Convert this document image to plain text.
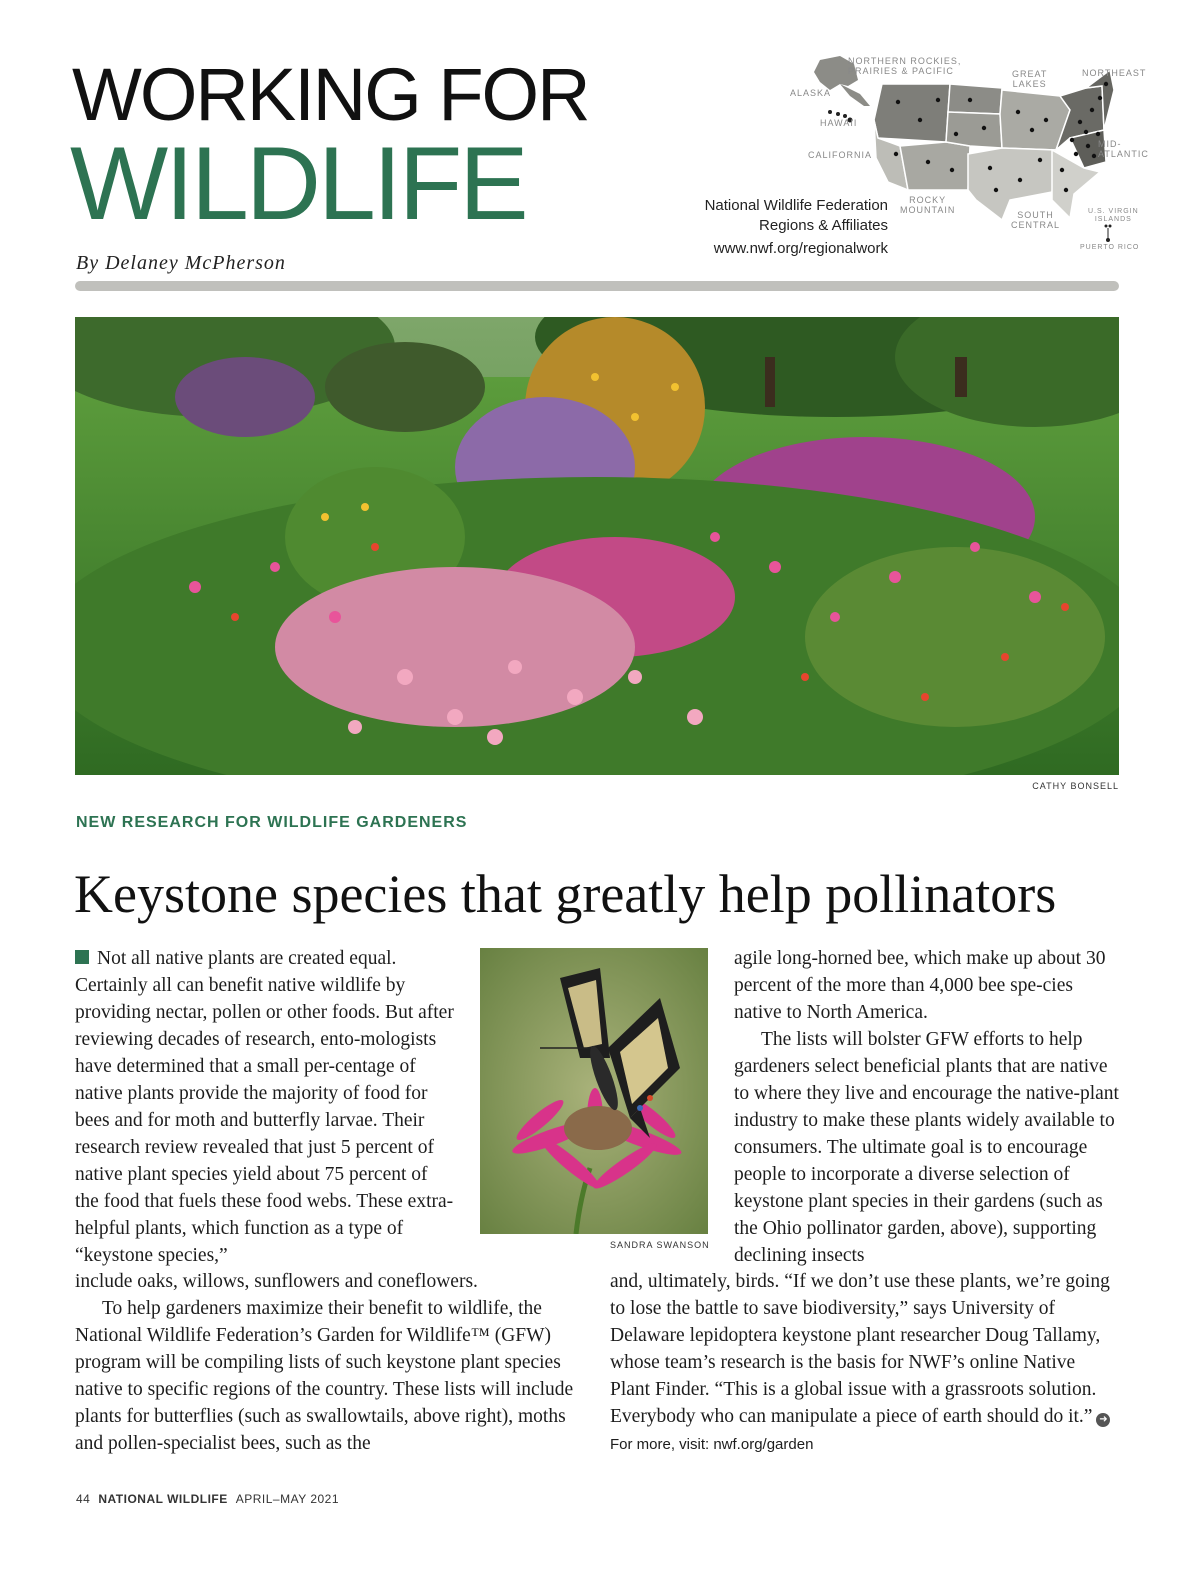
WORKING FOR
WILDLIFE
By Delaney McPherson
NORTHERN ROCKIES,
PRAIRIES & PACIFIC	GREAT
LAKES
NORTHEAST
ALASKA
HAWAII
CALIFORNIA
MID-
ATLANTIC
ROCKY
MOUNTAIN	SOUTH
CENTRAL
U.S. VIRGIN
ISLANDS
PUERTO RICO
National Wildlife Federation
Regions & Affiliates
www.nwf.org/regionalwork
CATHY BONSELL
NEW RESEARCH FOR WILDLIFE GARDENERS
Keystone species that greatly help pollinators

Not all native plants are created equal. Certainly all can benefit native wildlife by providing nectar, pollen or other foods. But after reviewing decades of research, ento-mologists have determined that a small per-centage of native plants provide the majority of food for bees and for moth and butterfly larvae. Their research review revealed that just 5 percent of native plant species yield about 75 percent of the food that fuels these food webs. These extra-helpful plants, which function as a type of “keystone species,”

include oaks, willows, sunflowers and coneflowers.

To help gardeners maximize their benefit to wildlife, the National Wildlife Federation’s Garden for Wildlife™ (GFW) program will be compiling lists of such keystone plant species native to specific regions of the country. These lists will include plants for butterflies (such as swallowtails, above right), moths and pollen-specialist bees, such as the

SANDRA SWANSON

agile long-horned bee, which make up about 30 percent of the more than 4,000 bee spe-cies native to North America.

The lists will bolster GFW efforts to help gardeners select beneficial plants that are native to where they live and encourage the native-plant industry to make these plants widely available to consumers. The ultimate goal is to encourage people to incorporate a diverse selection of keystone plant species in their gardens (such as the Ohio pollinator garden, above), supporting declining insects

and, ultimately, birds. “If we don’t use these plants, we’re going to lose the battle to save biodiversity,” says University of Delaware lepidoptera keystone plant researcher Doug Tallamy, whose team’s research is the basis for NWF’s online Native Plant Finder. “This is a global issue with a grassroots solution. Everybody who can manipulate a piece of earth should do it.” ➜For more, visit: nwf.org/garden

44 NATIONAL WILDLIFE APRIL–MAY 2021
